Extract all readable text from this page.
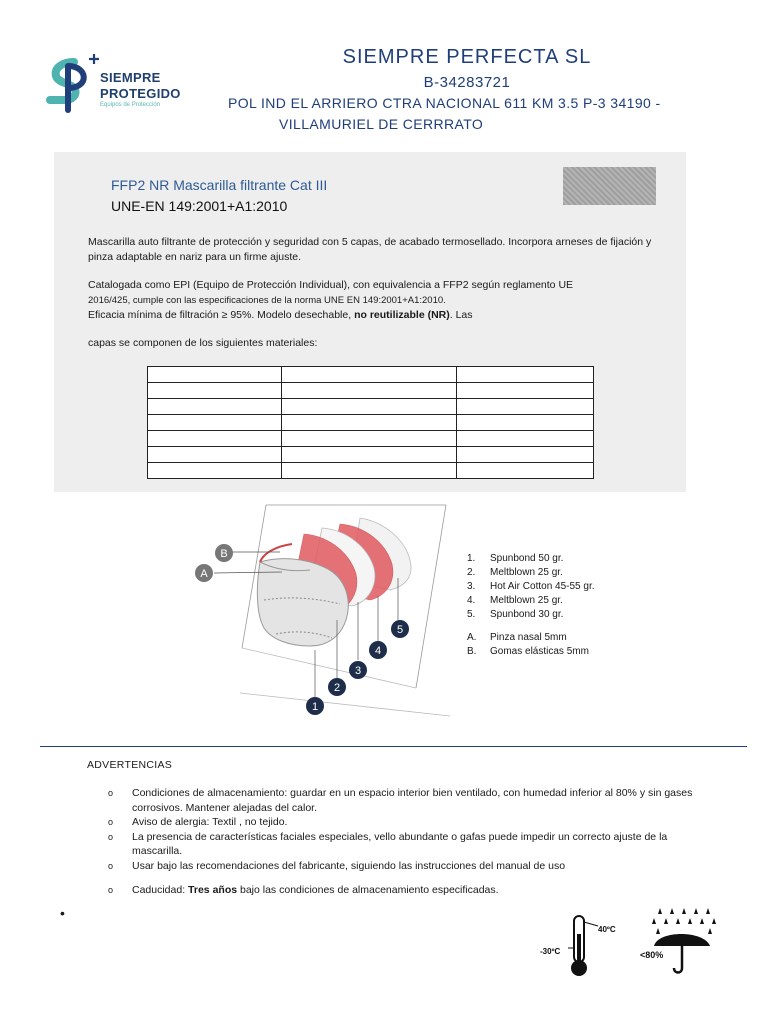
SIEMPRE
PROTEGIDO
Equipos de Protección
SIEMPRE PERFECTA SL
B-34283721
POL IND EL ARRIERO CTRA NACIONAL 611 KM 3.5 P-3 34190 -
VILLAMURIEL DE CERRRATO
FFP2 NR Mascarilla filtrante Cat III
UNE-EN 149:2001+A1:2010
Mascarilla auto filtrante de protección y seguridad con 5 capas, de acabado termosellado. Incorpora arneses de fijación y pinza adaptable en nariz para un firme ajuste.
Catalogada como EPI (Equipo de Protección Individual), con equivalencia a FFP2 según reglamento UE
2016/425, cumple con las especificaciones de la norma UNE EN 149:2001+A1:2010.
Eficacia mínima de filtración ≥ 95%. Modelo desechable, no reutilizable (NR). Las
capas se componen de los siguientes materiales:

B
A
1
2
3
4
5
1.	Spunbond 50 gr.
2.	Meltblown 25 gr.
3.	Hot Air Cotton 45-55 gr.
4.	Meltblown 25 gr.
5.	Spunbond 30 gr.
A.	Pinza nasal 5mm
B.	Gomas elásticas 5mm
ADVERTENCIAS
o	Condiciones de almacenamiento: guardar en un espacio interior bien ventilado, con humedad inferior al 80% y sin gases corrosivos. Mantener alejadas del calor.
o	Aviso de alergia: Textil , no tejido.
o	La presencia de características faciales especiales, vello abundante o gafas puede impedir un correcto ajuste de la mascarilla.
o	Usar bajo las recomendaciones del fabricante, siguiendo las instrucciones del manual de uso
o	Caducidad: Tres años bajo las condiciones de almacenamiento especificadas.
•
40ºC
-30ºC	<80%
